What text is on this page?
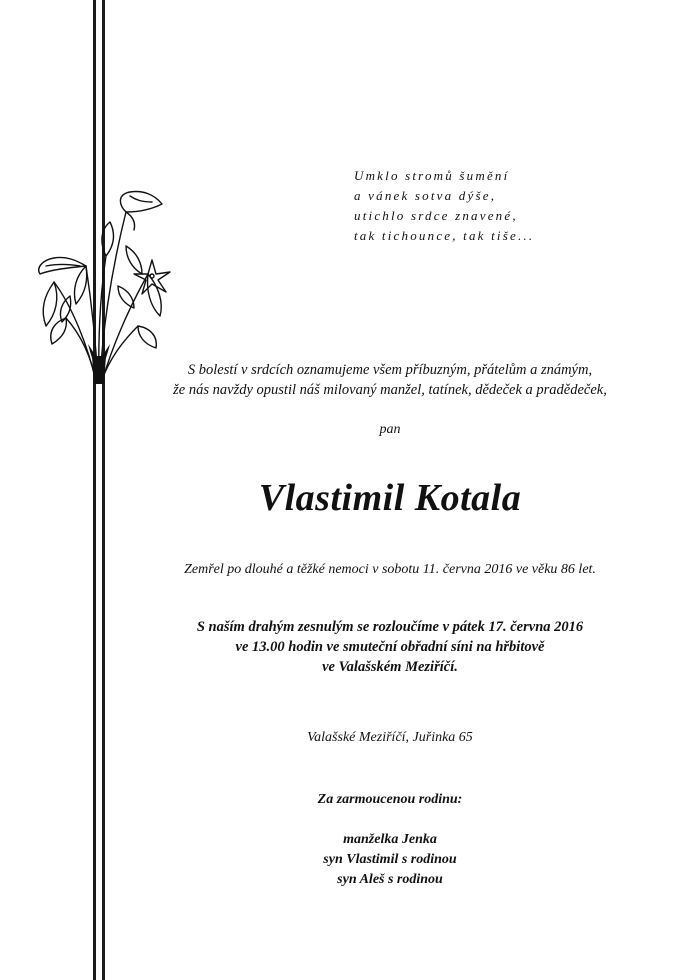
Umklo stromů šumění
a vánek sotva dýše,
utichlo srdce znavené,
tak tichounce, tak tiše...
S bolestí v srdcích oznamujeme všem příbuzným, přátelům a známým,
že nás navždy opustil náš milovaný manžel, tatínek, dědeček a pradědeček,
pan
Vlastimil Kotala
Zemřel po dlouhé a těžké nemoci v sobotu 11. června 2016 ve věku 86 let.
S naším drahým zesnulým se rozloučíme v pátek 17. června 2016
ve 13.00 hodin ve smuteční obřadní síni na hřbitově
ve Valašském Meziříčí.
Valašské Meziříčí, Juřinka 65
Za zarmoucenou rodinu:
manželka Jenka
syn Vlastimil s rodinou
syn Aleš s rodinou
